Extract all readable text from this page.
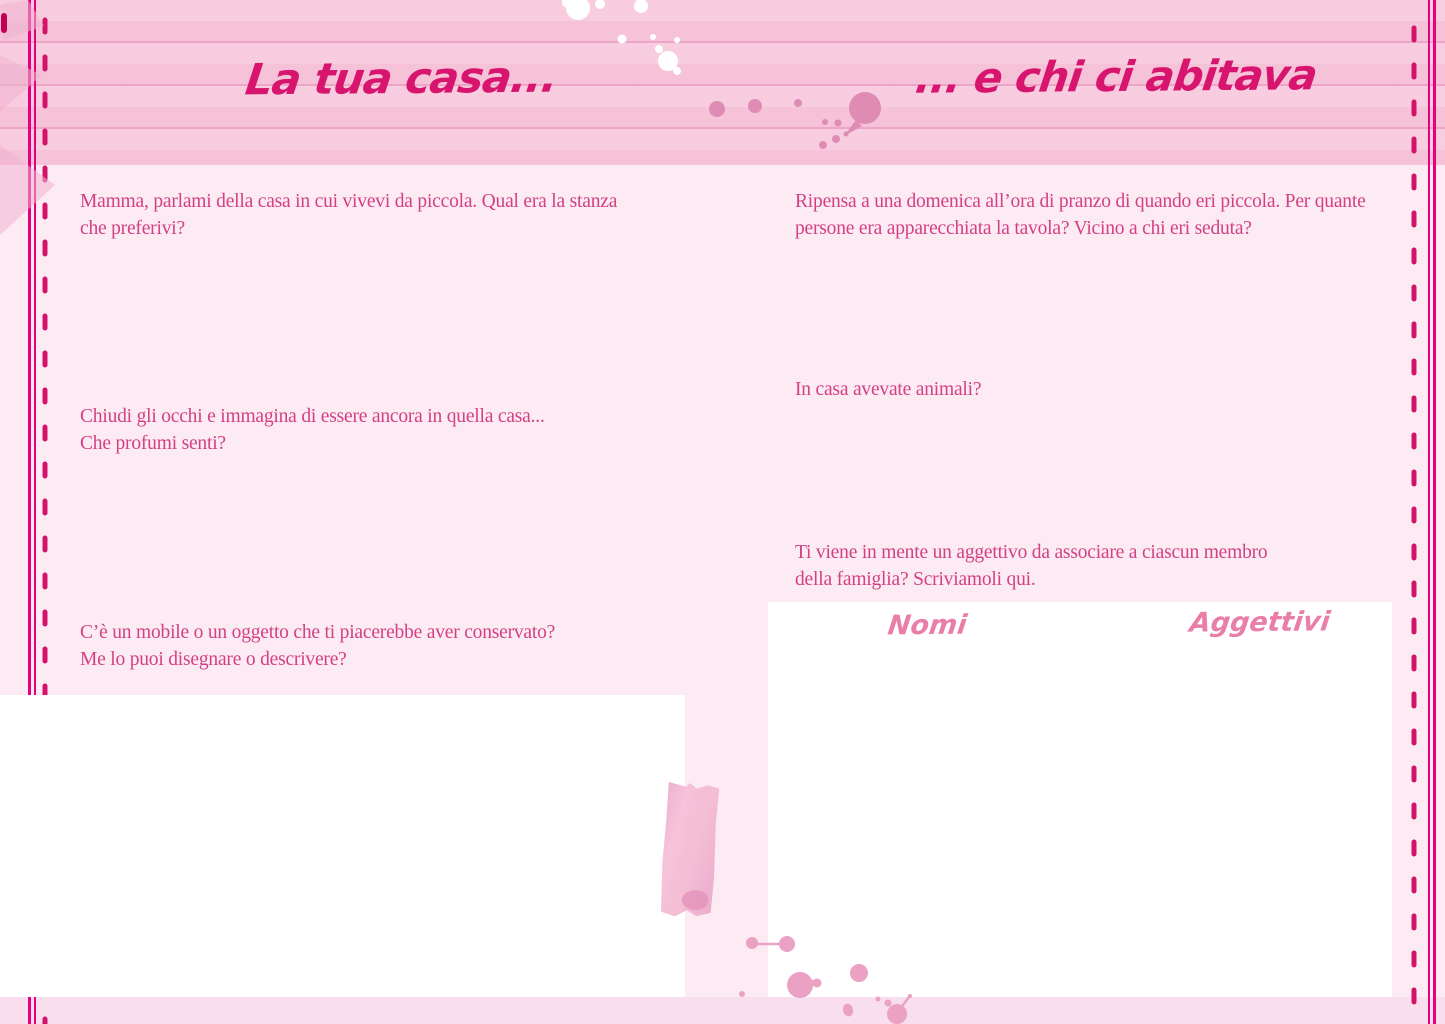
La tua casa...	... e chi ci abitava
Mamma, parlami della casa in cui vivevi da piccola. Qual era la stanza
che preferivi?
Chiudi gli occhi e immagina di essere ancora in quella casa...
Che profumi senti?
C’è un mobile o un oggetto che ti piacerebbe aver conservato?
Me lo puoi disegnare o descrivere?
Ripensa a una domenica all’ora di pranzo di quando eri piccola. Per quante
persone era apparecchiata la tavola? Vicino a chi eri seduta?
In casa avevate animali?
Ti viene in mente un aggettivo da associare a ciascun membro
della famiglia? Scriviamoli qui.
Nomi	Aggettivi
